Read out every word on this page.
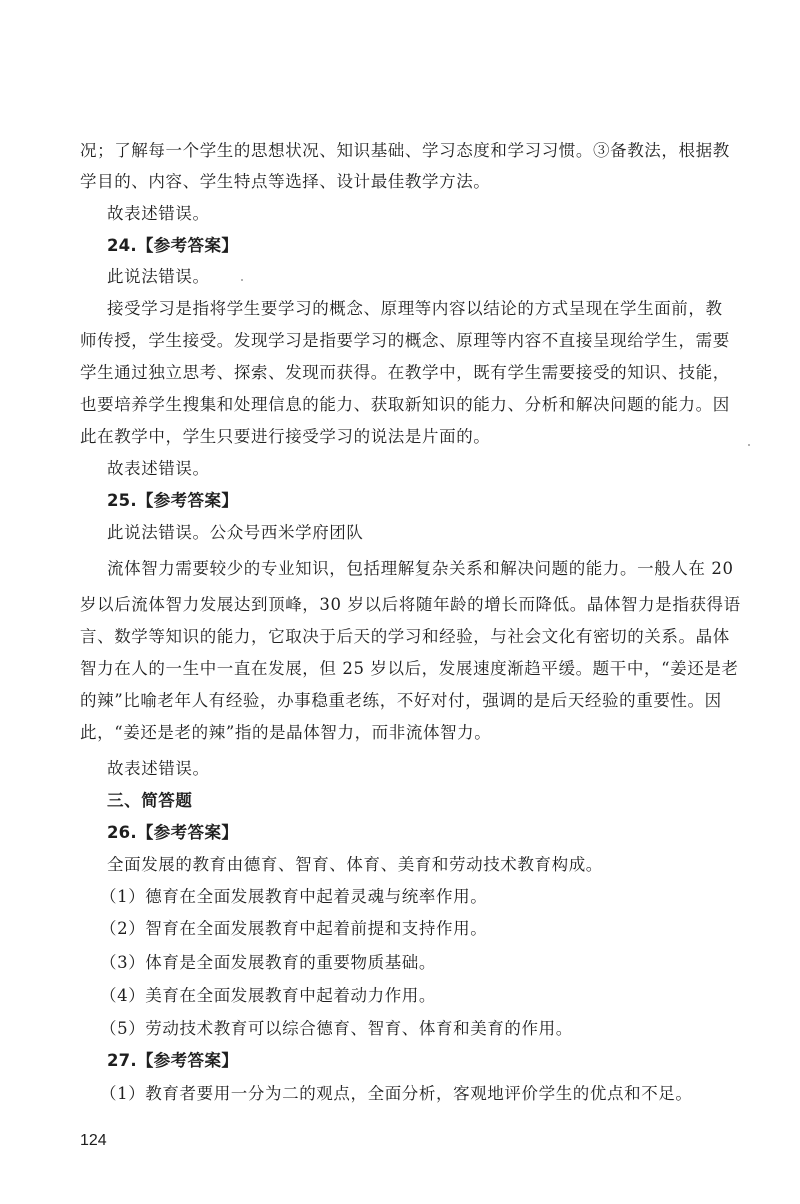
况；了解每一个学生的思想状况、知识基础、学习态度和学习习惯。③备教法，根据教
学目的、内容、学生特点等选择、设计最佳教学方法。
故表述错误。
24.【参考答案】
此说法错误。
接受学习是指将学生要学习的概念、原理等内容以结论的方式呈现在学生面前，教
师传授，学生接受。发现学习是指要学习的概念、原理等内容不直接呈现给学生，需要
学生通过独立思考、探索、发现而获得。在教学中，既有学生需要接受的知识、技能，
也要培养学生搜集和处理信息的能力、获取新知识的能力、分析和解决问题的能力。因
此在教学中，学生只要进行接受学习的说法是片面的。
故表述错误。
25.【参考答案】
此说法错误。公众号西米学府团队
流体智力需要较少的专业知识，包括理解复杂关系和解决问题的能力。一般人在 20
岁以后流体智力发展达到顶峰，30 岁以后将随年龄的增长而降低。晶体智力是指获得语
言、数学等知识的能力，它取决于后天的学习和经验，与社会文化有密切的关系。晶体
智力在人的一生中一直在发展，但 25 岁以后，发展速度渐趋平缓。题干中，“姜还是老
的辣”比喻老年人有经验，办事稳重老练，不好对付，强调的是后天经验的重要性。因
此，“姜还是老的辣”指的是晶体智力，而非流体智力。
故表述错误。
三、简答题
26.【参考答案】
全面发展的教育由德育、智育、体育、美育和劳动技术教育构成。
（1）德育在全面发展教育中起着灵魂与统率作用。
（2）智育在全面发展教育中起着前提和支持作用。
（3）体育是全面发展教育的重要物质基础。
（4）美育在全面发展教育中起着动力作用。
（5）劳动技术教育可以综合德育、智育、体育和美育的作用。
27.【参考答案】
（1）教育者要用一分为二的观点，全面分析，客观地评价学生的优点和不足。
124
